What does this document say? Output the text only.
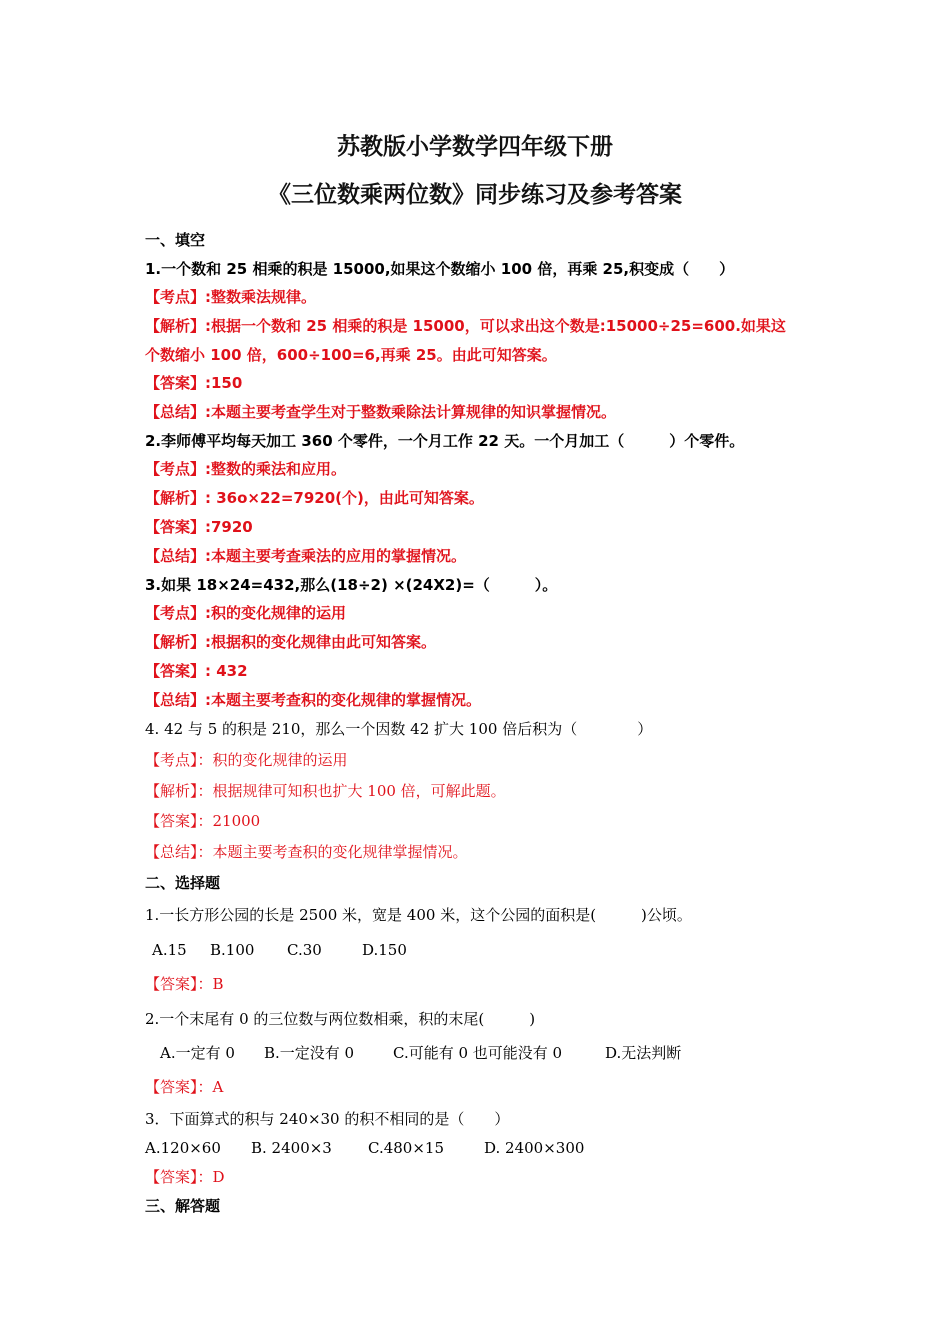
苏教版小学数学四年级下册
《三位数乘两位数》同步练习及参考答案
一、填空
1.一个数和 25 相乘的积是 15000,如果这个数缩小 100 倍，再乘 25,积变成（　　）
【考点】:整数乘法规律。
【解析】:根据一个数和 25 相乘的积是 15000，可以求出这个数是:15000÷25=600.如果这
个数缩小 100 倍，600÷100=6,再乘 25。由此可知答案。
【答案】:150
【总结】:本题主要考查学生对于整数乘除法计算规律的知识掌握情况。
2.李师傅平均每天加工 360 个零件，一个月工作 22 天。一个月加工（　　　）个零件。
【考点】:整数的乘法和应用。
【解析】: 36o×22=7920(个)，由此可知答案。
【答案】:7920
【总结】:本题主要考查乘法的应用的掌握情况。
3.如果 18×24=432,那么(18÷2) ×(24X2)=（　　　）。
【考点】:积的变化规律的运用
【解析】:根据积的变化规律由此可知答案。
【答案】: 432
【总结】:本题主要考查积的变化规律的掌握情况。
4. 42 与 5 的积是 210，那么一个因数 42 扩大 100 倍后积为（　　　　）
【考点】：积的变化规律的运用
【解析】：根据规律可知积也扩大 100 倍，可解此题。
【答案】：21000
【总结】：本题主要考查积的变化规律掌握情况。
二、选择题
1.一长方形公园的长是 2500 米，宽是 400 米，这个公园的面积是(　　　)公顷。
A.15 B.100 C.30	D.150
【答案】：B
2.一个末尾有 0 的三位数与两位数相乘，积的末尾(　　　)
A.一定有 0 B.一定没有 0	C.可能有 0 也可能没有 0	D.无法判断
【答案】：A
3．下面算式的积与 240×30 的积不相同的是（　　）
A.120×60 B. 2400×3 C.480×15	D. 2400×300
【答案】：D
三、解答题
